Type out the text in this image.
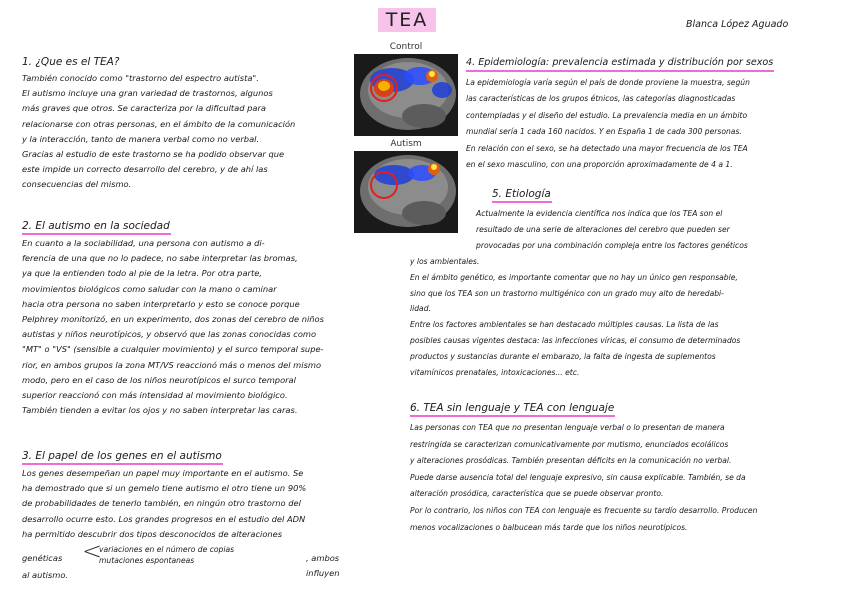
TEA	Blanca López Aguado
1. ¿Que es el TEA?
También conocido como "trastorno del espectro autista".
El autismo incluye una gran variedad de trastornos, algunos
más graves que otros. Se caracteriza por la dificultad para
relacionarse con otras personas, en el ámbito de la comunicación
y la interacción, tanto de manera verbal como no verbal.
Gracias al estudio de este trastorno se ha podido observar que
este impide un correcto desarrollo del cerebro, y de ahí las
consecuencias del mismo.
2. El autismo en la sociedad
En cuanto a la sociabilidad, una persona con autismo a di-
ferencia de una que no lo padece, no sabe interpretar las bromas,
ya que la entienden todo al pie de la letra. Por otra parte,
movimientos biológicos como saludar con la mano o caminar
hacia otra persona no saben interpretarlo y esto se conoce porque
Pelphrey monitorizó, en un experimento, dos zonas del cerebro de niños
autistas y niños neurotípicos, y observó que las zonas conocidas como
"MT" o "VS" (sensible a cualquier movimiento) y el surco temporal supe-
rior, en ambos grupos la zona MT/VS reaccionó más o menos del mismo
modo, pero en el caso de los niños neurotípicos el surco temporal
superior reaccionó con más intensidad al movimiento biológico.
También tienden a evitar los ojos y no saben interpretar las caras.
3. El papel de los genes en el autismo
Los genes desempeñan un papel muy importante en el autismo. Se
ha demostrado que si un gemelo tiene autismo el otro tiene un 90%
de probabilidades de tenerlo también, en ningún otro trastorno del
desarrollo ocurre esto. Los grandes progresos en el estudio del ADN
ha permitido descubrir dos tipos desconocidos de alteraciones
genéticas <
variaciones en el número de copias
mutaciones espontaneas	, ambos influyen
al autismo.
Control
Autism
4. Epidemiología: prevalencia estimada y distribución por sexos
La epidemiología varía según el país de donde proviene la muestra, según
las características de los grupos étnicos, las categorías diagnosticadas
contempladas y el diseño del estudio. La prevalencia media en un ámbito
mundial sería 1 cada 160 nacidos. Y en España 1 de cada 300 personas.
En relación con el sexo, se ha detectado una mayor frecuencia de los TEA
en el sexo masculino, con una proporción aproximadamente de 4 a 1.
5. Etiología
Actualmente la evidencia científica nos indica que los TEA son el
resultado de una serie de alteraciones del cerebro que pueden ser
provocadas por una combinación compleja entre los factores genéticos
y los ambientales.
En el ámbito genético, es importante comentar que no hay un único gen responsable,
sino que los TEA son un trastorno multigénico con un grado muy alto de heredabi-
lidad.
Entre los factores ambientales se han destacado múltiples causas. La lista de las
posibles causas vigentes destaca: las infecciones víricas, el consumo de determinados
productos y sustancias durante el embarazo, la falta de ingesta de suplementos
vitamínicos prenatales, intoxicaciones... etc.
6. TEA sin lenguaje y TEA con lenguaje
Las personas con TEA que no presentan lenguaje verbal o lo presentan de manera
restringida se caracterizan comunicativamente por mutismo, enunciados ecolálicos
y alteraciones prosódicas. También presentan déficits en la comunicación no verbal.
Puede darse ausencia total del lenguaje expresivo, sin causa explicable. También, se da
alteración prosódica, característica que se puede observar pronto.
Por lo contrario, los niños con TEA con lenguaje es frecuente su tardío desarrollo. Producen
menos vocalizaciones o balbucean más tarde que los niños neurotípicos.
